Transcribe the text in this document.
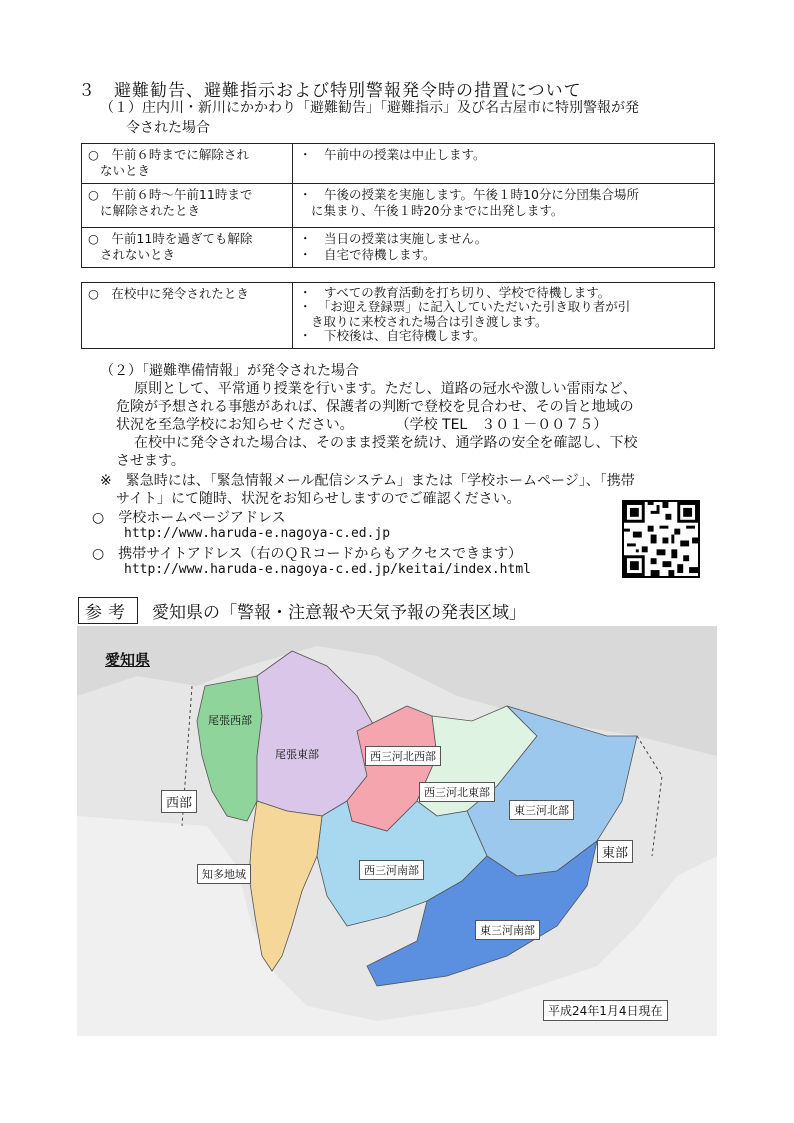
３　避難勧告、避難指示および特別警報発令時の措置について
（１）庄内川・新川にかかわり「避難勧告」「避難指示」及び名古屋市に特別警報が発
令された場合
○　午前６時までに解除され
ないとき	・　午前中の授業は中止します。
○　午前６時～午前11時まで
に解除されたとき	・　午後の授業を実施します。午後１時10分に分団集合場所
に集まり、午後１時20分までに出発します。

○　午前11時を過ぎても解除
されないとき	・　当日の授業は実施しません。
・　自宅で待機します。
○　在校中に発令されたとき	・　すべての教育活動を打ち切り、学校で待機します。
・　「お迎え登録票」に記入していただいた引き取り者が引
き取りに来校された場合は引き渡します。
・　下校後は、自宅待機します。
（２）「避難準備情報」が発令された場合
原則として、平常通り授業を行います。ただし、道路の冠水や激しい雷雨など、
危険が予想される事態があれば、保護者の判断で登校を見合わせ、その旨と地域の
状況を至急学校にお知らせください。　　　　（学校 TEL　３０１－００７５）
在校中に発令された場合は、そのまま授業を続け、通学路の安全を確認し、下校
させます。
※　緊急時には、「緊急情報メール配信システム」または「学校ホームページ」、「携帯
サイト」にて随時、状況をお知らせしますのでご確認ください。
○　学校ホームページアドレス
http://www.haruda-e.nagoya-c.ed.jp
○　携帯サイトアドレス（右のＱＲコードからもアクセスできます）
http://www.haruda-e.nagoya-c.ed.jp/keitai/index.html
参考	愛知県の「警報・注意報や天気予報の発表区域」
愛知県
西部
東部
尾張西部
尾張東部	西三河北西部
西三河北東部
東三河北部
西三河南部
東三河南部
知多地域
平成24年1月4日現在
